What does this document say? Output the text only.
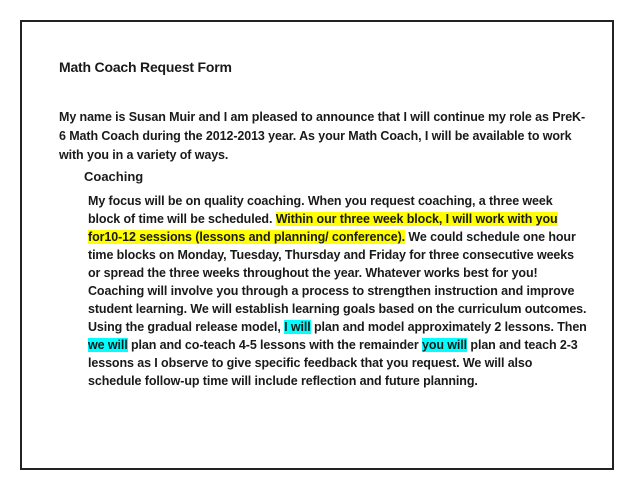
Math Coach Request Form
My name is Susan Muir and I am pleased to announce that I will continue my role as PreK-6 Math Coach during the 2012-2013 year. As your Math Coach, I will be available to work with you in a variety of ways.
Coaching
My focus will be on quality coaching. When you request coaching, a three week block of time will be scheduled. Within our three week block, I will work with you for10-12 sessions (lessons and planning/ conference). We could schedule one hour time blocks on Monday, Tuesday, Thursday and Friday for three consecutive weeks or spread the three weeks throughout the year. Whatever works best for you! Coaching will involve you through a process to strengthen instruction and improve student learning. We will establish learning goals based on the curriculum outcomes. Using the gradual release model, I will plan and model approximately 2 lessons. Then we will plan and co-teach 4-5 lessons with the remainder you will plan and teach 2-3 lessons as I observe to give specific feedback that you request. We will also schedule follow-up time will include reflection and future planning.
